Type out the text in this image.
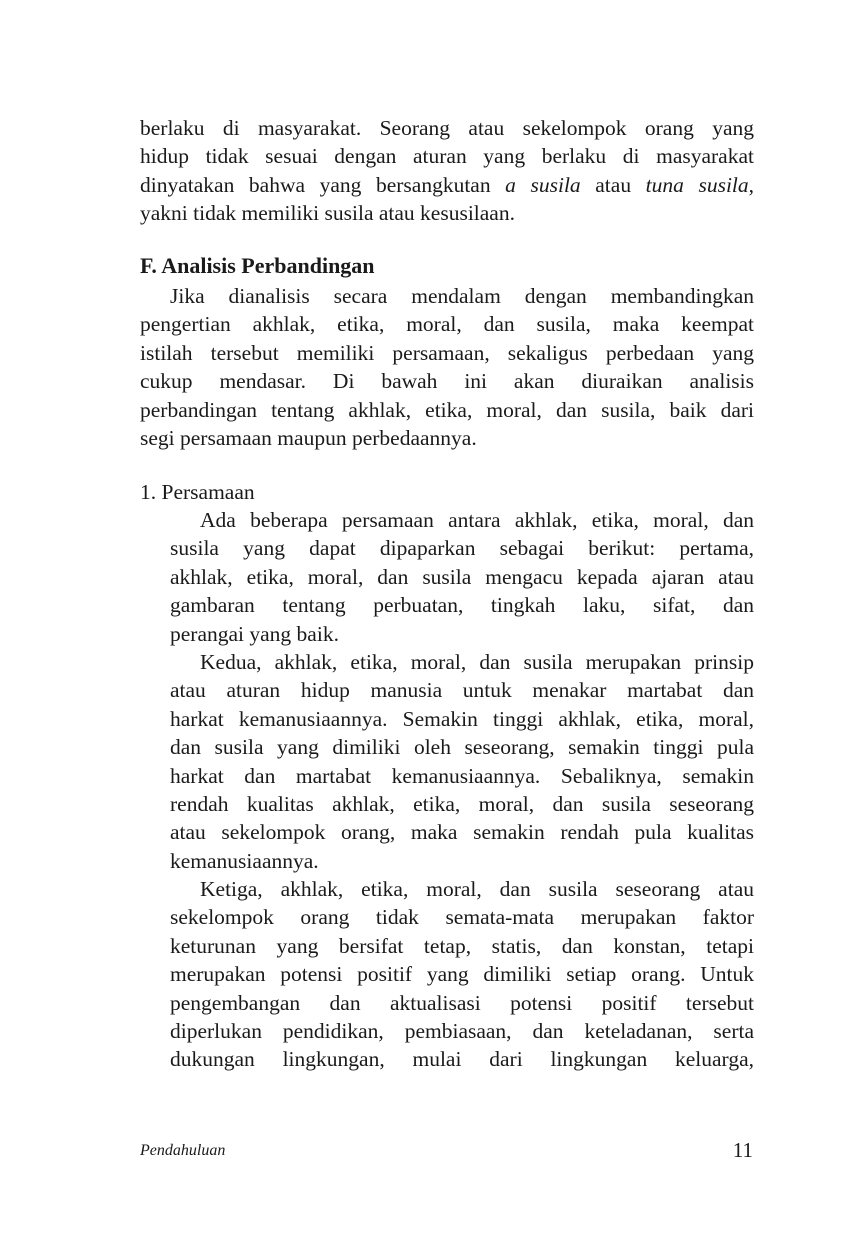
berlaku di masyarakat. Seorang atau sekelompok orang yang
hidup tidak sesuai dengan aturan yang berlaku di masyarakat
dinyatakan bahwa yang bersangkutan a susila atau tuna susila,
yakni tidak memiliki susila atau kesusilaan.
F. Analisis Perbandingan
Jika dianalisis secara mendalam dengan membandingkan
pengertian akhlak, etika, moral, dan susila, maka keempat
istilah tersebut memiliki persamaan, sekaligus perbedaan yang
cukup mendasar. Di bawah ini akan diuraikan analisis
perbandingan tentang akhlak, etika, moral, dan susila, baik dari
segi persamaan maupun perbedaannya.
1. Persamaan
Ada beberapa persamaan antara akhlak, etika, moral, dan
susila yang dapat dipaparkan sebagai berikut: pertama,
akhlak, etika, moral, dan susila mengacu kepada ajaran atau
gambaran tentang perbuatan, tingkah laku, sifat, dan
perangai yang baik.
Kedua, akhlak, etika, moral, dan susila merupakan prinsip
atau aturan hidup manusia untuk menakar martabat dan
harkat kemanusiaannya. Semakin tinggi akhlak, etika, moral,
dan susila yang dimiliki oleh seseorang, semakin tinggi pula
harkat dan martabat kemanusiaannya. Sebaliknya, semakin
rendah kualitas akhlak, etika, moral, dan susila seseorang
atau sekelompok orang, maka semakin rendah pula kualitas
kemanusiaannya.
Ketiga, akhlak, etika, moral, dan susila seseorang atau
sekelompok orang tidak semata-mata merupakan faktor
keturunan yang bersifat tetap, statis, dan konstan, tetapi
merupakan potensi positif yang dimiliki setiap orang. Untuk
pengembangan dan aktualisasi potensi positif tersebut
diperlukan pendidikan, pembiasaan, dan keteladanan, serta
dukungan lingkungan, mulai dari lingkungan keluarga,
Pendahuluan	11
